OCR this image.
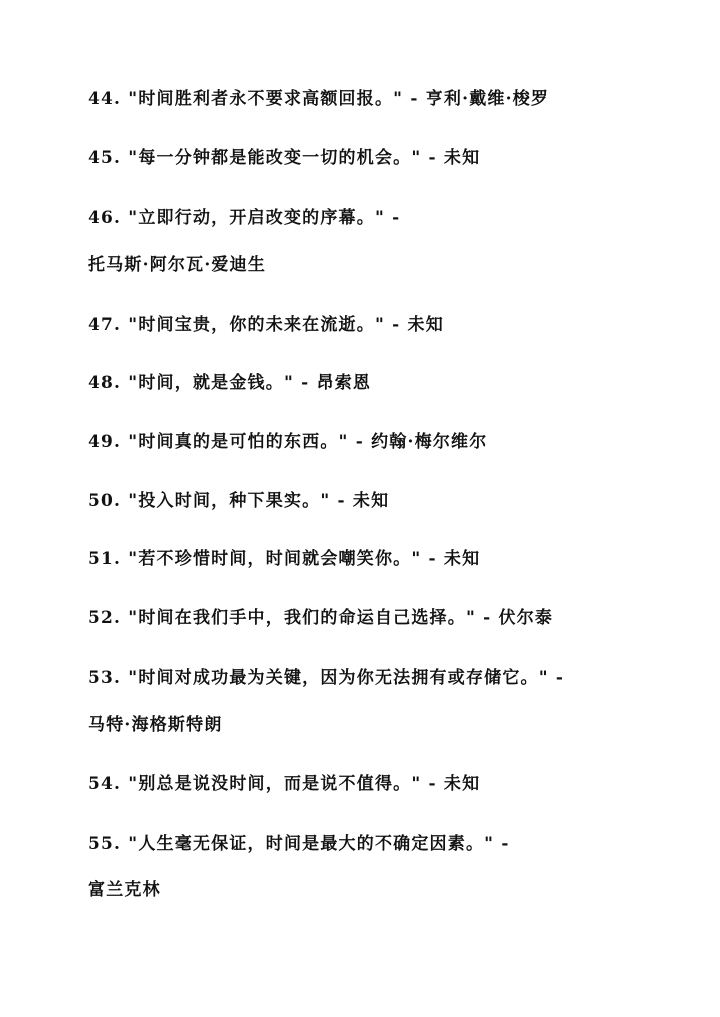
44. "时间胜利者永不要求高额回报。" - 亨利·戴维·梭罗
45. "每一分钟都是能改变一切的机会。" - 未知
46. "立即行动，开启改变的序幕。" -
托马斯·阿尔瓦·爱迪生
47. "时间宝贵，你的未来在流逝。" - 未知
48. "时间，就是金钱。" - 昂索恩
49. "时间真的是可怕的东西。" - 约翰·梅尔维尔
50. "投入时间，种下果实。" - 未知
51. "若不珍惜时间，时间就会嘲笑你。" - 未知
52. "时间在我们手中，我们的命运自己选择。" - 伏尔泰
53. "时间对成功最为关键，因为你无法拥有或存储它。" -
马特·海格斯特朗
54. "别总是说没时间，而是说不值得。" - 未知
55. "人生毫无保证，时间是最大的不确定因素。" -
富兰克林
